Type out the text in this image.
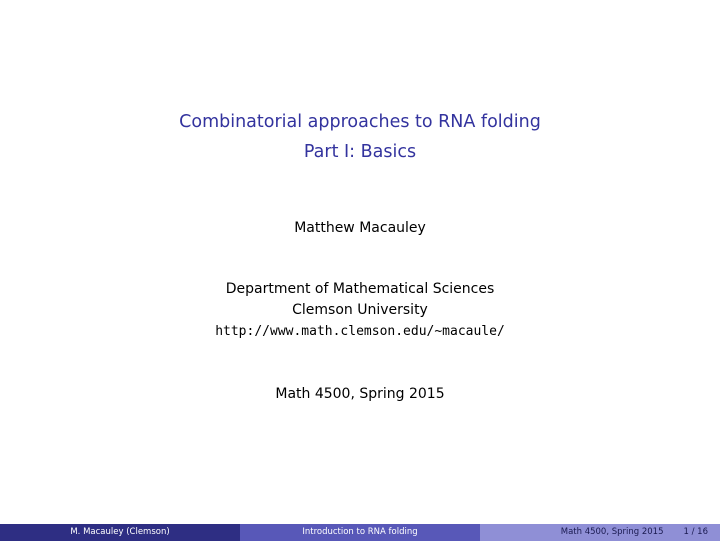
Combinatorial approaches to RNA folding
Part I: Basics
Matthew Macauley
Department of Mathematical Sciences
Clemson University
http://www.math.clemson.edu/~macaule/
Math 4500, Spring 2015
M. Macauley (Clemson)	Introduction to RNA folding	Math 4500, Spring 2015 1 / 16
